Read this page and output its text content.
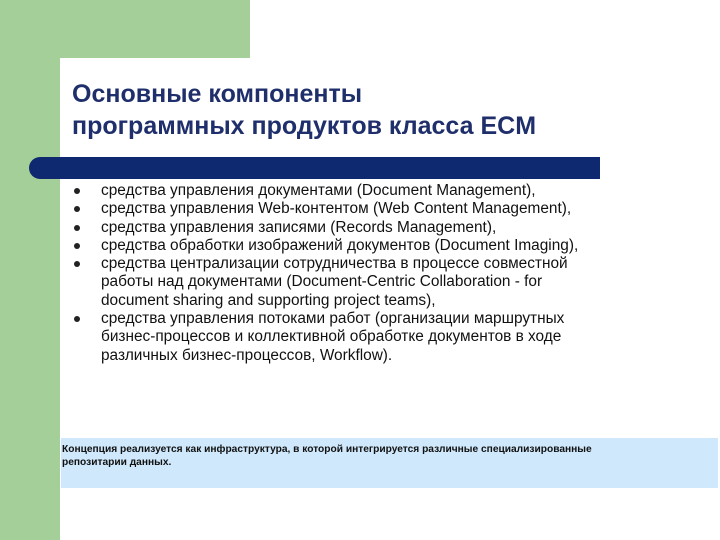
Основные компоненты
программных продуктов класса ECM
средства управления документами (Document Management),
средства управления Web-контентом (Web Content Management),
средства управления записями (Records Management),
средства обработки изображений документов (Document Imaging),
средства централизации сотрудничества в процессе совместной
работы над документами (Document-Centric Collaboration - for
document sharing and supporting project teams),
средства управления потоками работ (организации маршрутных
бизнес-процессов и коллективной обработке документов в ходе
различных бизнес-процессов, Workflow).
Концепция реализуется как инфраструктура, в которой интегрируется различные специализированные
репозитарии данных.
